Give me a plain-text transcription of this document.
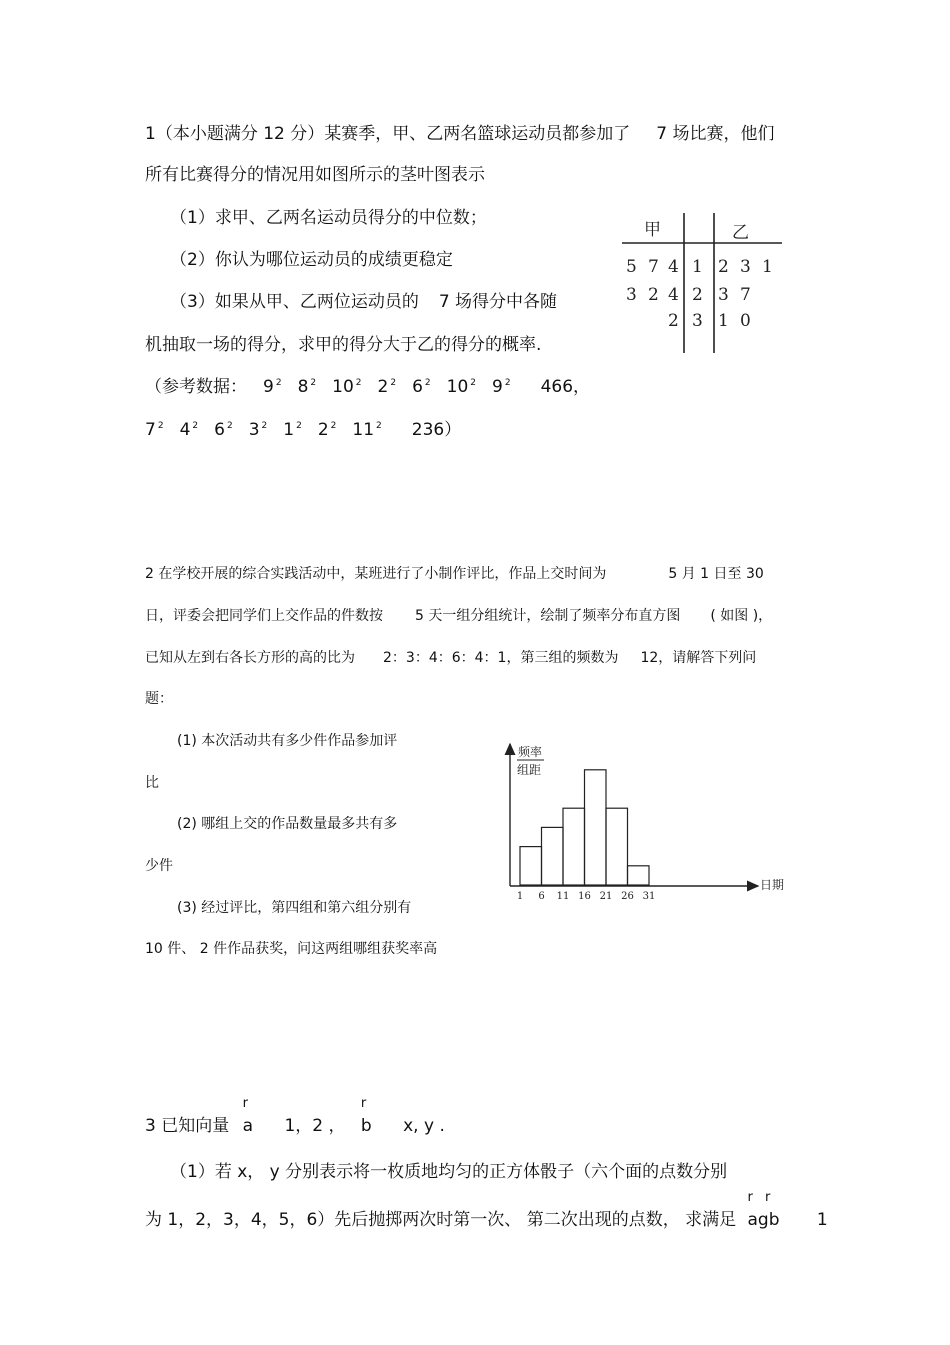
1（本小题满分 12 分）某赛季，甲、乙两名篮球运动员都参加了 7 场比赛，他们
所有比赛得分的情况用如图所示的茎叶图表示
（1）求甲、乙两名运动员得分的中位数；
（2）你认为哪位运动员的成绩更稳定
（3）如果从甲、乙两位运动员的 7 场得分中各随
机抽取一场的得分，求甲的得分大于乙的得分的概率.
（参考数据： 9 $^2$ 8 $^2$ 10 $^2$ 2 $^2$ 6 $^2$ 10 $^2$ 9 $^2$ 466，
7 $^2$ 4 $^2$ 6 $^2$ 3 $^2$ 1 $^2$ 2 $^2$ 11 $^2$ 236）
甲	乙
5 7 4 1 2 3 1
3 2 4 2 3 7
2 3 1 0
2 在学校开展的综合实践活动中，某班进行了小制作评比，作品上交时间为	5 月 1 日至 30
日，评委会把同学们上交作品的件数按 5 天一组分组统计，绘制了频率分布直方图 ( 如图 )，
已知从左到右各长方形的高的比为 2：3：4：6：4：1，第三组的频数为 12，请解答下列问
题：
(1) 本次活动共有多少件作品参加评
比
(2) 哪组上交的作品数量最多共有多
少件
(3) 经过评比，第四组和第六组分别有
10 件、 2 件作品获奖，问这两组哪组获奖率高
频率
组距
日期
1 6 11 16 21 26 31
3 已知向量
r
a 1，2 ，
r
b x, y .
（1）若 x， y 分别表示将一枚质地均匀的正方体骰子（六个面的点数分别
为 1，2，3，4，5，6）先后抛掷两次时第一次、 第二次出现的点数， 求满足
r r
agb 1
